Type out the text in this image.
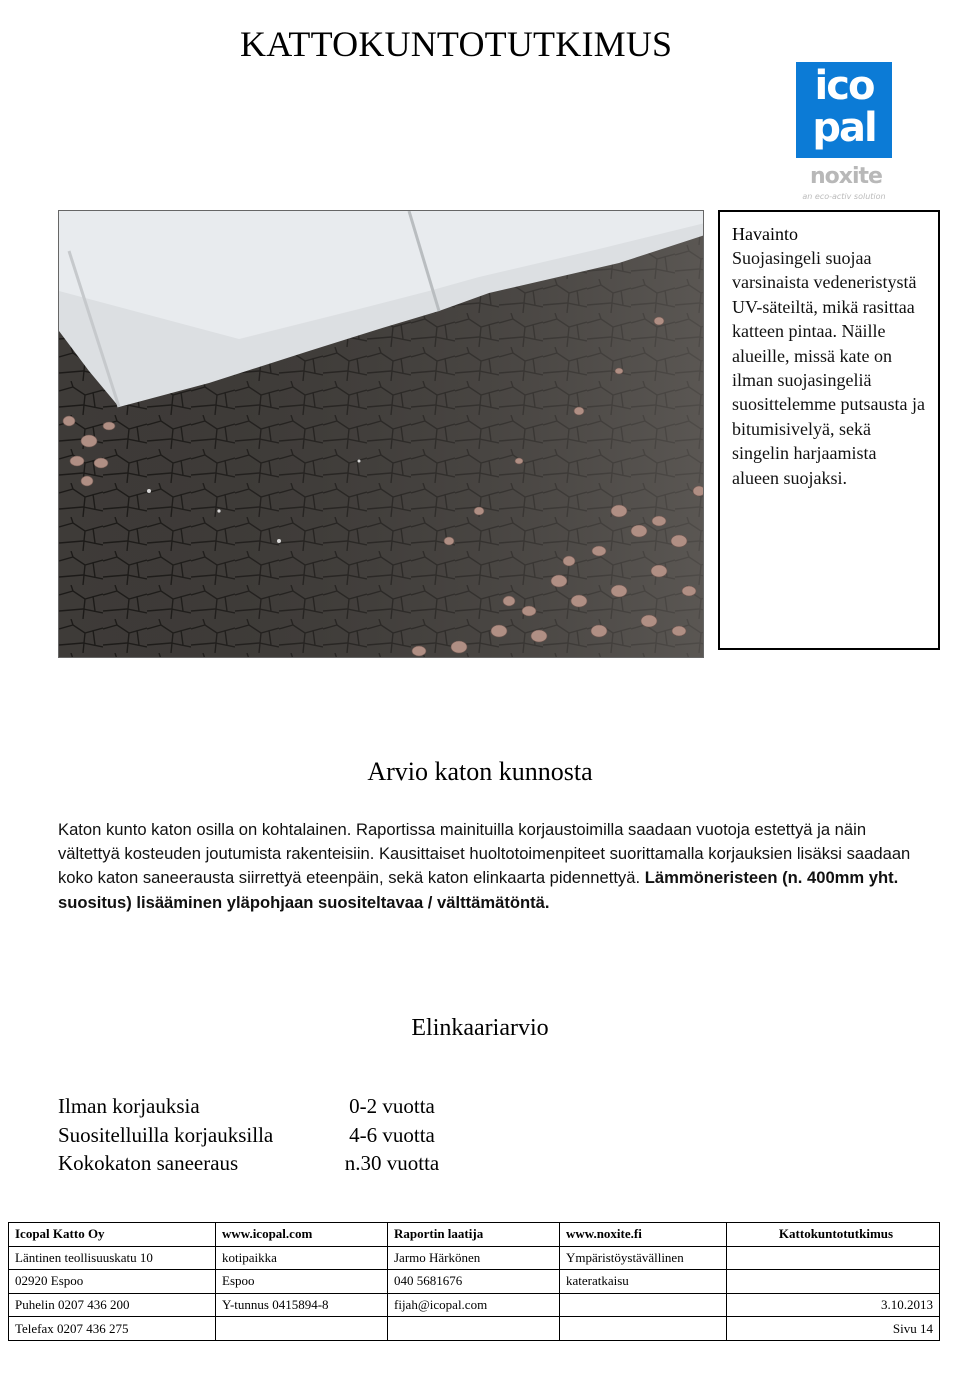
KATTOKUNTOTUTKIMUS
ico
pal
noxite
an eco-activ solution
Havainto
Suojasingeli suojaa varsinaista vedeneristystä UV-säteiltä, mikä rasittaa katteen pintaa. Näille alueille, missä kate on ilman suojasingeliä suosittelemme putsausta ja bitumisivelyä, sekä singelin harjaamista alueen suojaksi.
Arvio katon kunnosta
Katon kunto katon osilla on kohtalainen. Raportissa mainituilla korjaustoimilla saadaan vuotoja estettyä ja näin vältettyä kosteuden joutumista rakenteisiin. Kausittaiset huoltotoimenpiteet suorittamalla korjauksien lisäksi saadaan koko katon saneerausta siirrettyä eteenpäin, sekä katon elinkaarta pidennettyä. Lämmöneristeen (n. 400mm yht. suositus) lisääminen yläpohjaan suositeltavaa / välttämätöntä.
Elinkaariarvio
Ilman korjauksia	0-2 vuotta
Suositelluilla korjauksilla	4-6 vuotta
Kokokaton saneeraus	n.30 vuotta
Icopal Katto Oy	www.icopal.com	Raportin laatija	www.noxite.fi	Kattokuntotutkimus
Läntinen teollisuuskatu 10	kotipaikka	Jarmo Härkönen	Ympäristöystävällinen	
02920 Espoo	Espoo	040 5681676	kateratkaisu	
Puhelin 0207 436 200	Y-tunnus 0415894-8	fijah@icopal.com		3.10.2013
Telefax 0207 436 275				Sivu 14
